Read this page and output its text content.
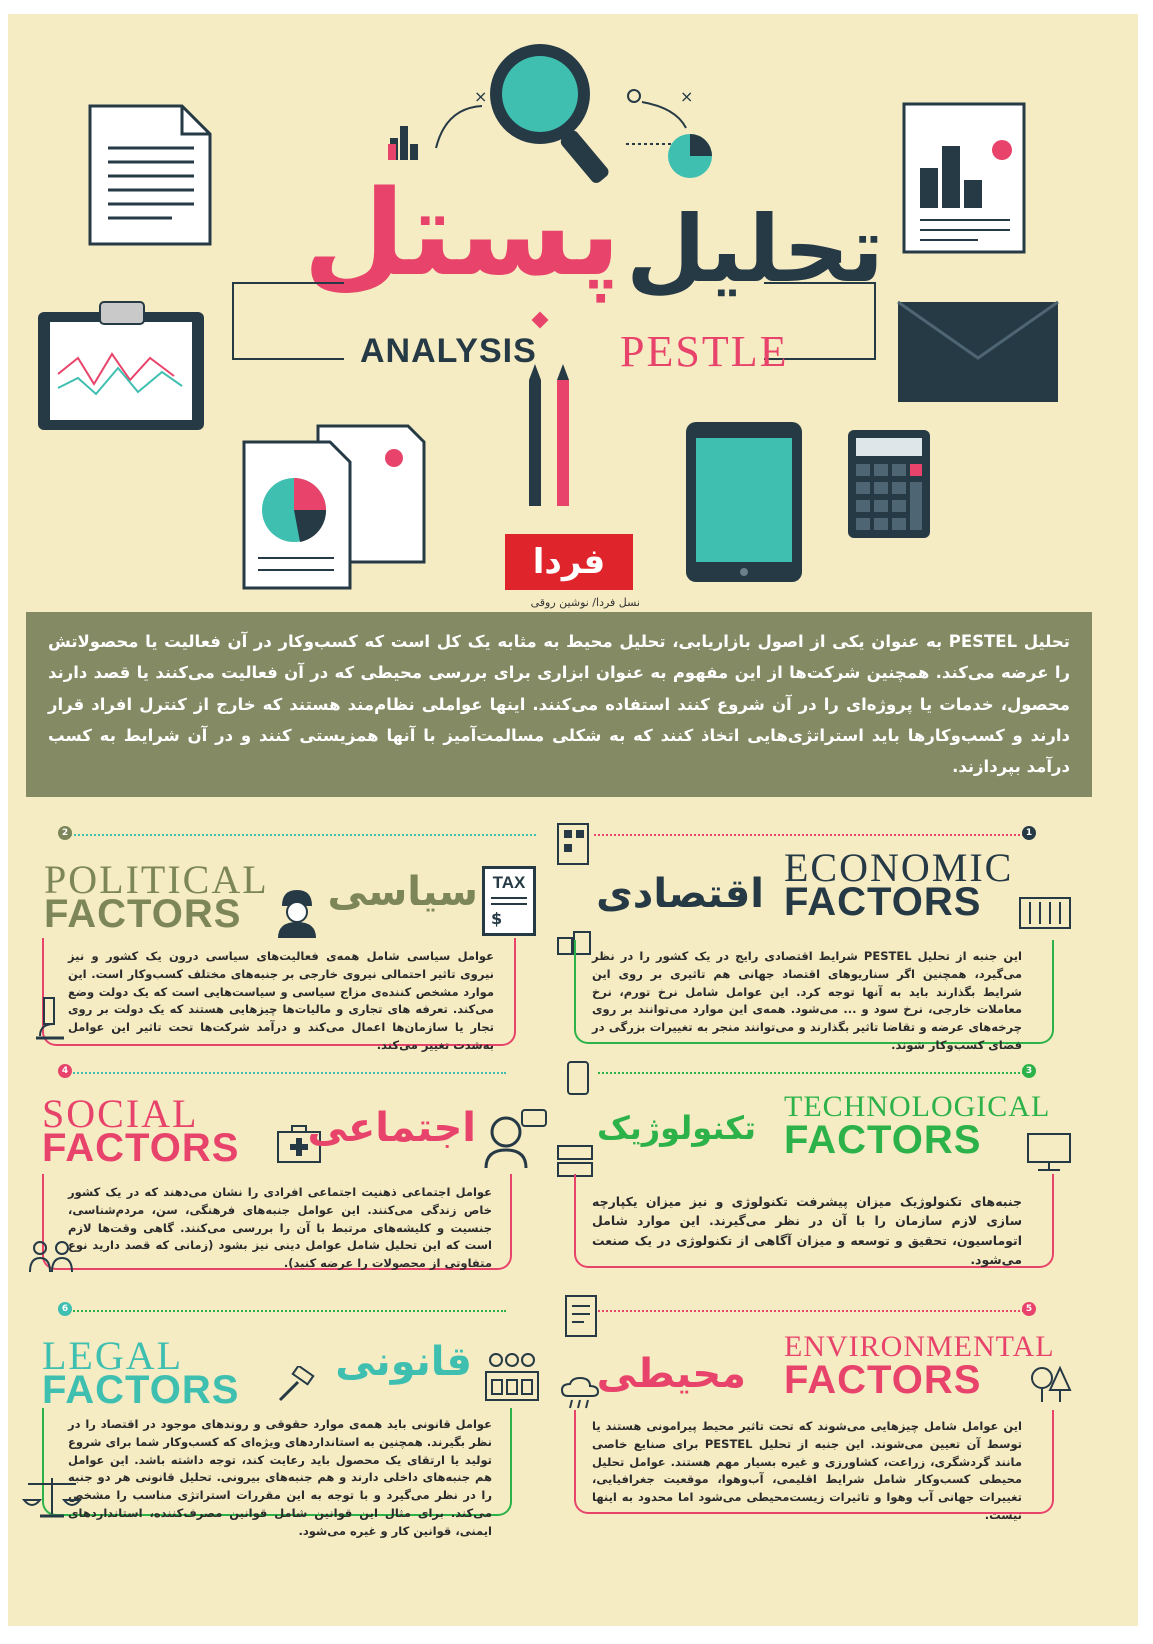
×	×
تحلیل
پستل
ANALYSIS PESTLE
فردا
نسل فردا/ نوشین روقی
تحلیل PESTEL به عنوان یکی از اصول بازاریابی، تحلیل محیط به مثابه یک کل است که کسب‌وکار در آن فعالیت یا محصولاتش را عرضه می‌کند. همچنین شرکت‌ها از این مفهوم به عنوان ابزاری برای بررسی محیطی که در آن فعالیت می‌کنند یا قصد دارند محصول، خدمات یا پروژه‌ای را در آن شروع کنند استفاده می‌کنند. اینها عواملی نظام‌مند هستند که خارج از کنترل افراد قرار دارند و کسب‌وکارها باید استراتژی‌هایی اتخاذ کنند که به شکلی مسالمت‌آمیز با آنها همزیستی کنند و در آن شرایط به کسب درآمد بپردازند.
2
POLITICAL
FACTORS سیاسی TAX
$
عوامل سیاسی شامل همه‌ی فعالیت‌های سیاسی درون یک کشور و نیز نیروی تاثیر احتمالی نیروی خارجی بر جنبه‌های مختلف کسب‌وکار است. این موارد مشخص کننده‌ی مزاج سیاسی و سیاست‌هایی است که یک دولت وضع می‌کند. تعرفه های تجاری و مالیات‌ها چیزهایی هستند که یک دولت بر روی تجار یا سازمان‌ها اعمال می‌کند و درآمد شرکت‌ها تحت تاثیر این عوامل به‌شدت تغییر می‌کند.
1
ECONOMIC
FACTORS
اقتصادی
این جنبه از تحلیل PESTEL شرایط اقتصادی رایج در یک کشور را در نظر می‌گیرد، همچنین اگر سناریوهای اقتصاد جهانی هم تاثیری بر روی این شرایط بگذارند باید به آنها توجه کرد. این عوامل شامل نرخ تورم، نرخ معاملات خارجی، نرخ سود و ... می‌شود. همه‌ی این موارد می‌توانند بر روی چرخه‌های عرضه و تقاضا تاثیر بگذارند و می‌توانند منجر به تغییرات بزرگی در فضای کسب‌وکار شوند.
4
SOCIAL
FACTORS اجتماعی
عوامل اجتماعی ذهنیت اجتماعی افرادی را نشان می‌دهند که در یک کشور خاص زندگی می‌کنند. این عوامل جنبه‌های فرهنگی، سن، مردم‌شناسی، جنسیت و کلیشه‌های مرتبط با آن را بررسی می‌کنند. گاهی وقت‌ها لازم است که این تحلیل شامل عوامل دینی نیز بشود (زمانی که قصد دارید نوع متفاوتی از محصولات را عرضه کنید).
3
TECHNOLOGICAL
FACTORS
تکنولوژیک
جنبه‌های تکنولوژیک میزان پیشرفت تکنولوژی و نیز میزان یکپارچه سازی لازم سازمان را با آن در نظر می‌گیرند. این موارد شامل اتوماسیون، تحقیق و توسعه و میزان آگاهی از تکنولوژی در یک صنعت می‌شود.
6
LEGAL
FACTORS
قانونی
عوامل قانونی باید همه‌ی موارد حقوقی و روندهای موجود در اقتصاد را در نظر بگیرند. همچنین به استانداردهای ویژه‌ای که کسب‌وکار شما برای شروع تولید یا ارتقای یک محصول باید رعایت کند، توجه داشته باشد. این عوامل هم جنبه‌های داخلی دارند و هم جنبه‌های بیرونی. تحلیل قانونی هر دو جنبه را در نظر می‌گیرد و با توجه به این مقررات استراتژی مناسب را مشخص می‌کند. برای مثال این قوانین شامل قوانین مصرف‌کننده، استانداردهای ایمنی، قوانین کار و غیره می‌شود.
5
ENVIRONMENTAL
FACTORS
محیطی
این عوامل شامل چیزهایی می‌شوند که تحت تاثیر محیط پیرامونی هستند یا توسط آن تعیین می‌شوند. این جنبه از تحلیل PESTEL برای صنایع خاصی مانند گردشگری، زراعت، کشاورزی و غیره بسیار مهم هستند. عوامل تحلیل محیطی کسب‌وکار شامل شرایط اقلیمی، آب‌وهوا، موقعیت جغرافیایی، تغییرات جهانی آب وهوا و تاثیرات زیست‌محیطی می‌شود اما محدود به اینها نیست.
